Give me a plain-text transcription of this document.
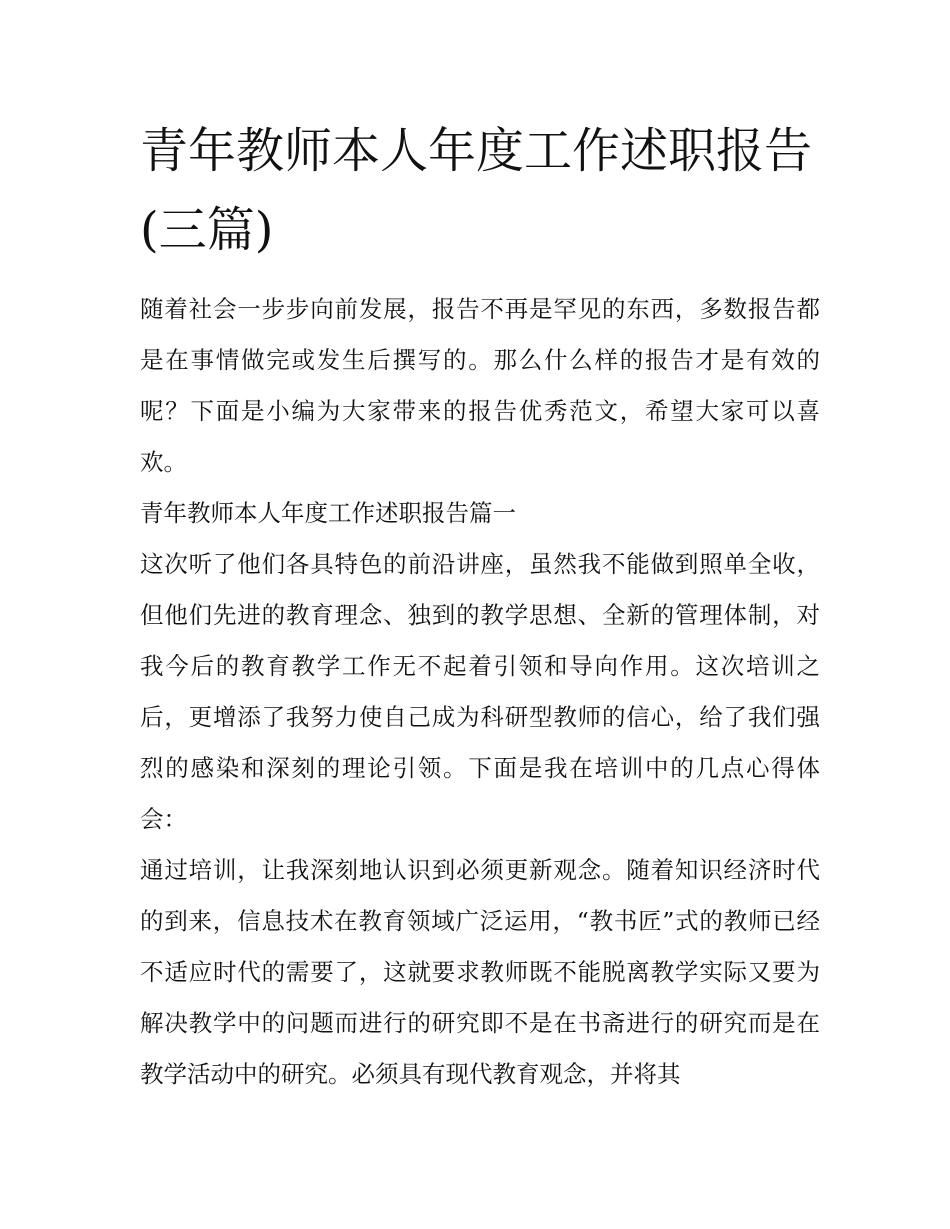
青年教师本人年度工作述职报告(三篇)

随着社会一步步向前发展，报告不再是罕见的东西，多数报告都是在事情做完或发生后撰写的。那么什么样的报告才是有效的呢？下面是小编为大家带来的报告优秀范文，希望大家可以喜欢。

青年教师本人年度工作述职报告篇一

这次听了他们各具特色的前沿讲座，虽然我不能做到照单全收，但他们先进的教育理念、独到的教学思想、全新的管理体制，对我今后的教育教学工作无不起着引领和导向作用。这次培训之后，更增添了我努力使自己成为科研型教师的信心，给了我们强烈的感染和深刻的理论引领。下面是我在培训中的几点心得体会：

通过培训，让我深刻地认识到必须更新观念。随着知识经济时代的到来，信息技术在教育领域广泛运用，“教书匠”式的教师已经不适应时代的需要了，这就要求教师既不能脱离教学实际又要为解决教学中的问题而进行的研究即不是在书斋进行的研究而是在教学活动中的研究。必须具有现代教育观念，并将其
